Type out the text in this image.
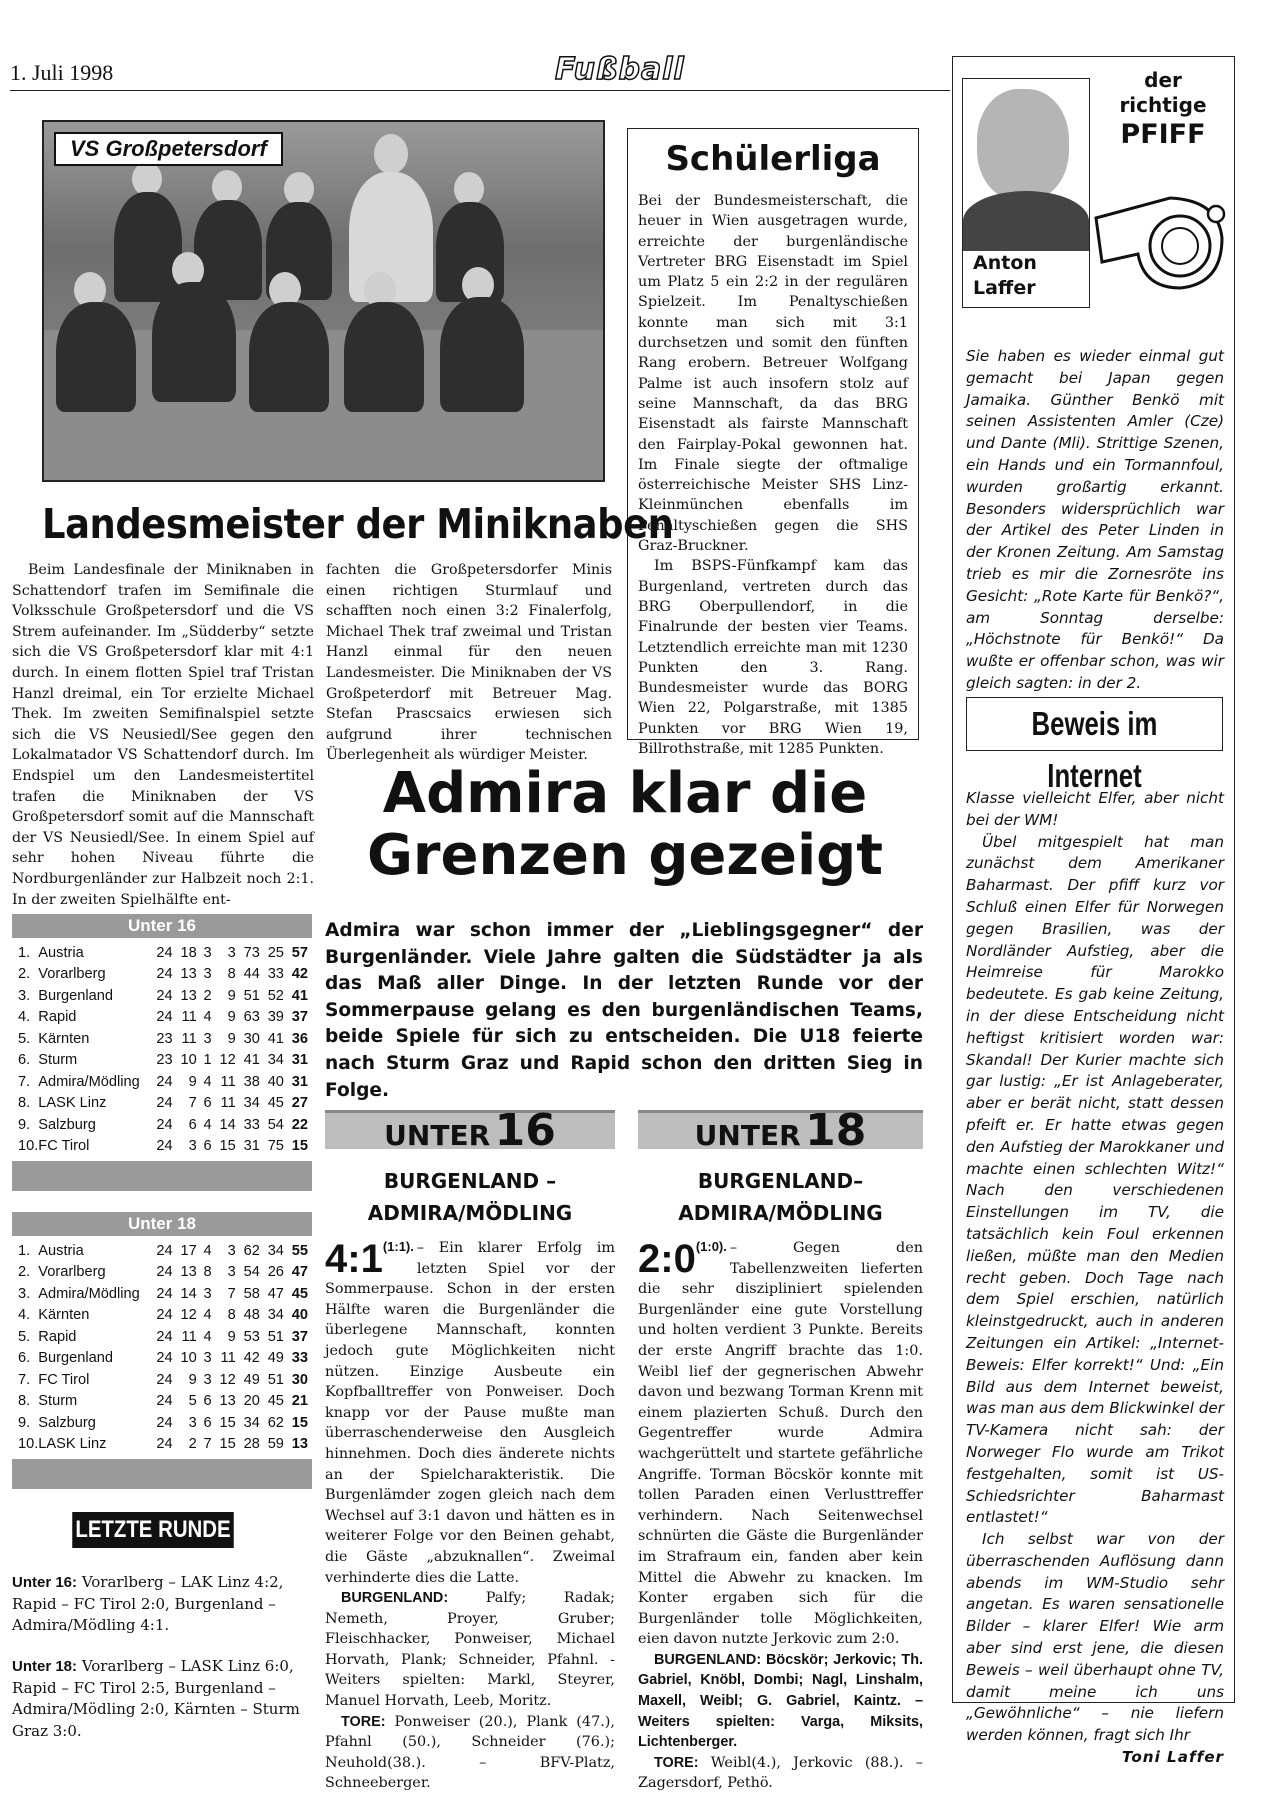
1. Juli 1998	Fußball
VS Großpetersdorf	Schülerliga

Bei der Bundesmeisterschaft, die heuer in Wien ausgetragen wurde, erreichte der burgenländische Vertreter BRG Eisenstadt im Spiel um Platz 5 ein 2:2 in der regulären Spielzeit. Im Penaltyschießen konnte man sich mit 3:1 durchsetzen und somit den fünften Rang erobern. Betreuer Wolfgang Palme ist auch insofern stolz auf seine Mannschaft, da das BRG Eisenstadt als fairste Mannschaft den Fairplay-Pokal gewonnen hat. Im Finale siegte der oftmalige österreichische Meister SHS Linz-Kleinmünchen ebenfalls im Penaltyschießen gegen die SHS Graz-Bruckner.

Im BSPS-Fünfkampf kam das Burgenland, vertreten durch das BRG Oberpullendorf, in die Finalrunde der besten vier Teams. Letztendlich erreichte man mit 1230 Punkten den 3. Rang. Bundesmeister wurde das BORG Wien 22, Polgarstraße, mit 1385 Punkten vor BRG Wien 19, Billrothstraße, mit 1285 Punkten.

Landesmeister der Miniknaben

Beim Landesfinale der Miniknaben in Schattendorf trafen im Semifinale die Volksschule Großpetersdorf und die VS Strem aufeinander. Im „Südderby“ setzte sich die VS Großpetersdorf klar mit 4:1 durch. In einem flotten Spiel traf Tristan Hanzl dreimal, ein Tor erzielte Michael Thek. Im zweiten Semifinalspiel setzte sich die VS Neusiedl/See gegen den Lokalmatador VS Schattendorf durch. Im Endspiel um den Landesmeistertitel trafen die Miniknaben der VS Großpetersdorf somit auf die Mannschaft der VS Neusiedl/See. In einem Spiel auf sehr hohen Niveau führte die Nordburgenländer zur Halbzeit noch 2:1. In der zweiten Spielhälfte ent-

fachten die Großpetersdorfer Minis einen richtigen Sturmlauf und schafften noch einen 3:2 Finalerfolg, Michael Thek traf zweimal und Tristan Hanzl einmal für den neuen Landesmeister. Die Miniknaben der VS Großpeterdorf mit Betreuer Mag. Stefan Prascsaics erwiesen sich aufgrund ihrer technischen Überlegenheit als würdiger Meister.

Unter 16
1.	Austria	24	18	3	3	73	25	57
2.	Vorarlberg	24	13	3	8	44	33	42
3.	Burgenland	24	13	2	9	51	52	41
4.	Rapid	24	11	4	9	63	39	37
5.	Kärnten	23	11	3	9	30	41	36
6.	Sturm	23	10	1	12	41	34	31
7.	Admira/Mödling	24	9	4	11	38	40	31
8.	LASK Linz	24	7	6	11	34	45	27
9.	Salzburg	24	6	4	14	33	54	22
10.	FC Tirol	24	3	6	15	31	75	15
Unter 18
1.	Austria	24	17	4	3	62	34	55
2.	Vorarlberg	24	13	8	3	54	26	47
3.	Admira/Mödling	24	14	3	7	58	47	45
4.	Kärnten	24	12	4	8	48	34	40
5.	Rapid	24	11	4	9	53	51	37
6.	Burgenland	24	10	3	11	42	49	33
7.	FC Tirol	24	9	3	12	49	51	30
8.	Sturm	24	5	6	13	20	45	21
9.	Salzburg	24	3	6	15	34	62	15
10.	LASK Linz	24	2	7	15	28	59	13
LETZTE RUNDE
Unter 16: Vorarlberg – LAK Linz 4:2, Rapid – FC Tirol 2:0, Burgenland – Admira/Mödling 4:1.
Unter 18: Vorarlberg – LASK Linz 6:0, Rapid – FC Tirol 2:5, Burgenland – Admira/Mödling 2:0, Kärnten – Sturm Graz 3:0.
Admira klar die
Grenzen gezeigt
Admira war schon immer der „Lieblingsgegner“ der Burgenländer. Viele Jahre galten die Südstädter ja als das Maß aller Dinge. In der letzten Runde vor der Sommerpause gelang es den burgenländischen Teams, beide Spiele für sich zu entscheiden. Die U18 feierte nach Sturm Graz und Rapid schon den dritten Sieg in Folge.
UNTER 16	UNTER 18
BURGENLAND –
ADMIRA/MÖDLING
BURGENLAND–
ADMIRA/MÖDLING

$4:1^{(1:1).}$ – Ein klarer Erfolg im letzten Spiel vor der Sommerpause. Schon in der ersten Hälfte waren die Burgenländer die überlegene Mannschaft, konnten jedoch gute Möglichkeiten nicht nützen. Einzige Ausbeute ein Kopfballtreffer von Ponweiser. Doch knapp vor der Pause mußte man überraschenderweise den Ausgleich hinnehmen. Doch dies änderete nichts an der Spielcharakteristik. Die Burgenlämder zogen gleich nach dem Wechsel auf 3:1 davon und hätten es in weiterer Folge vor den Beinen gehabt, die Gäste „abzuknallen“. Zweimal verhinderte dies die Latte.

BURGENLAND: Palfy; Radak; Nemeth, Proyer, Gruber; Fleischhacker, Ponweiser, Michael Horvath, Plank; Schneider, Pfahnl. - Weiters spielten: Markl, Steyrer, Manuel Horvath, Leeb, Moritz.

TORE: Ponweiser (20.), Plank (47.), Pfahnl (50.), Schneider (76.); Neuhold(38.). – BFV-Platz, Schneeberger.

$2:0^{(1:0).}$ – Gegen den Tabellenzweiten lieferten die sehr diszipliniert spielenden Burgenländer eine gute Vorstellung und holten verdient 3 Punkte. Bereits der erste Angriff brachte das 1:0. Weibl lief der gegnerischen Abwehr davon und bezwang Torman Krenn mit einem plazierten Schuß. Durch den Gegentreffer wurde Admira wachgerüttelt und startete gefährliche Angriffe. Torman Böcskör konnte mit tollen Paraden einen Verlusttreffer verhindern. Nach Seitenwechsel schnürten die Gäste die Burgenländer im Strafraum ein, fanden aber kein Mittel die Abwehr zu knacken. Im Konter ergaben sich für die Burgenländer tolle Möglichkeiten, eien davon nutzte Jerkovic zum 2:0.

BURGENLAND: Böcskör; Jerkovic; Th. Gabriel, Knöbl, Dombi; Nagl, Linshalm, Maxell, Weibl; G. Gabriel, Kaintz. –Weiters spielten: Varga, Miksits, Lichtenberger.

TORE: Weibl(4.), Jerkovic (88.). – Zagersdorf, Pethö.

Anton
Laffer
der
richtige
PFIFF

Sie haben es wieder einmal gut gemacht bei Japan gegen Jamaika. Günther Benkö mit seinen Assistenten Amler (Cze) und Dante (Mli). Strittige Szenen, ein Hands und ein Tormannfoul, wurden großartig erkannt. Besonders widersprüchlich war der Artikel des Peter Linden in der Kronen Zeitung. Am Samstag trieb es mir die Zornesröte ins Gesicht: „Rote Karte für Benkö?“, am Sonntag derselbe: „Höchstnote für Benkö!“ Da wußte er offenbar schon, was wir gleich sagten: in der 2.

Beweis im Internet

Klasse vielleicht Elfer, aber nicht bei der WM!

Übel mitgespielt hat man zunächst dem Amerikaner Baharmast. Der pfiff kurz vor Schluß einen Elfer für Norwegen gegen Brasilien, was der Nordländer Aufstieg, aber die Heimreise für Marokko bedeutete. Es gab keine Zeitung, in der diese Entscheidung nicht heftigst kritisiert worden war: Skandal! Der Kurier machte sich gar lustig: „Er ist Anlageberater, aber er berät nicht, statt dessen pfeift er. Er hatte etwas gegen den Aufstieg der Marokkaner und machte einen schlechten Witz!“ Nach den verschiedenen Einstellungen im TV, die tatsächlich kein Foul erkennen ließen, müßte man den Medien recht geben. Doch Tage nach dem Spiel erschien, natürlich kleinstgedruckt, auch in anderen Zeitungen ein Artikel: „Internet-Beweis: Elfer korrekt!“ Und: „Ein Bild aus dem Internet beweist, was man aus dem Blickwinkel der TV-Kamera nicht sah: der Norweger Flo wurde am Trikot festgehalten, somit ist US-Schiedsrichter Baharmast entlastet!“

Ich selbst war von der überraschenden Auflösung dann abends im WM-Studio sehr angetan. Es waren sensationelle Bilder – klarer Elfer! Wie arm aber sind erst jene, die diesen Beweis – weil überhaupt ohne TV, damit meine ich uns „Gewöhnliche“ – nie liefern werden können, fragt sich Ihr

Toni Laffer
